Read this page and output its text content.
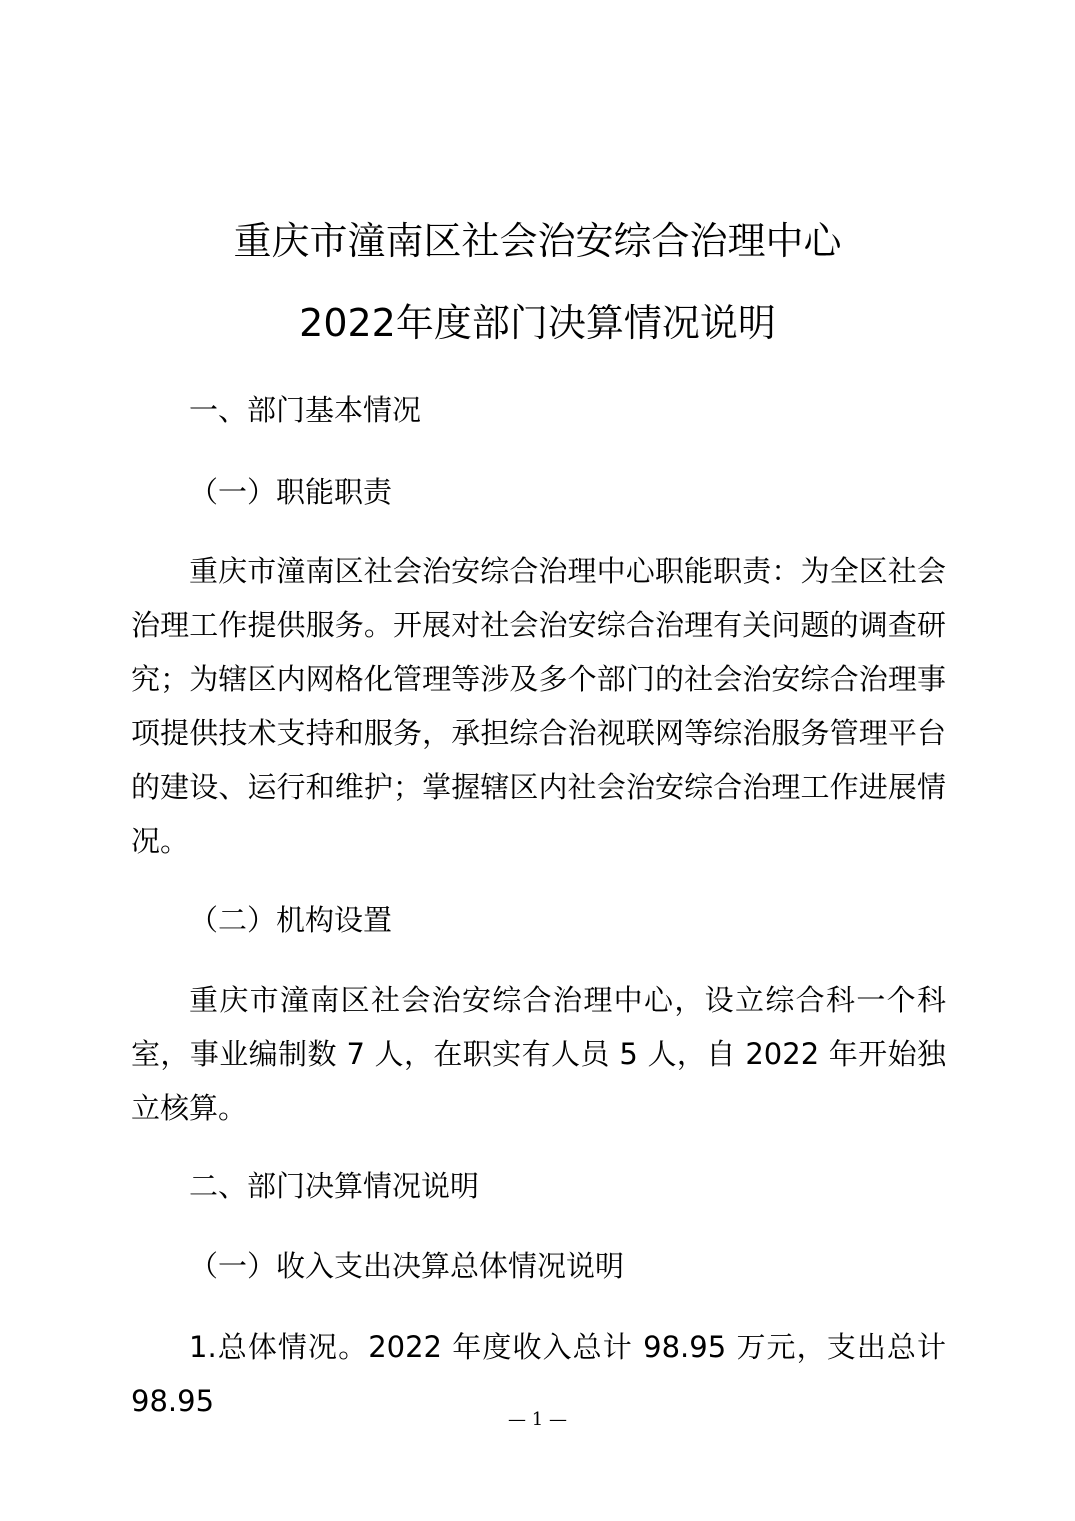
重庆市潼南区社会治安综合治理中心
2022年度部门决算情况说明
一、部门基本情况
（一）职能职责
重庆市潼南区社会治安综合治理中心职能职责：为全区社会治理工作提供服务。开展对社会治安综合治理有关问题的调查研究；为辖区内网格化管理等涉及多个部门的社会治安综合治理事项提供技术支持和服务，承担综合治视联网等综治服务管理平台的建设、运行和维护；掌握辖区内社会治安综合治理工作进展情况。
（二）机构设置
重庆市潼南区社会治安综合治理中心，设立综合科一个科室，事业编制数 7 人，在职实有人员 5 人，自 2022 年开始独立核算。
二、部门决算情况说明
（一）收入支出决算总体情况说明
1.总体情况。2022 年度收入总计 98.95 万元，支出总计 98.95
— 1 —
